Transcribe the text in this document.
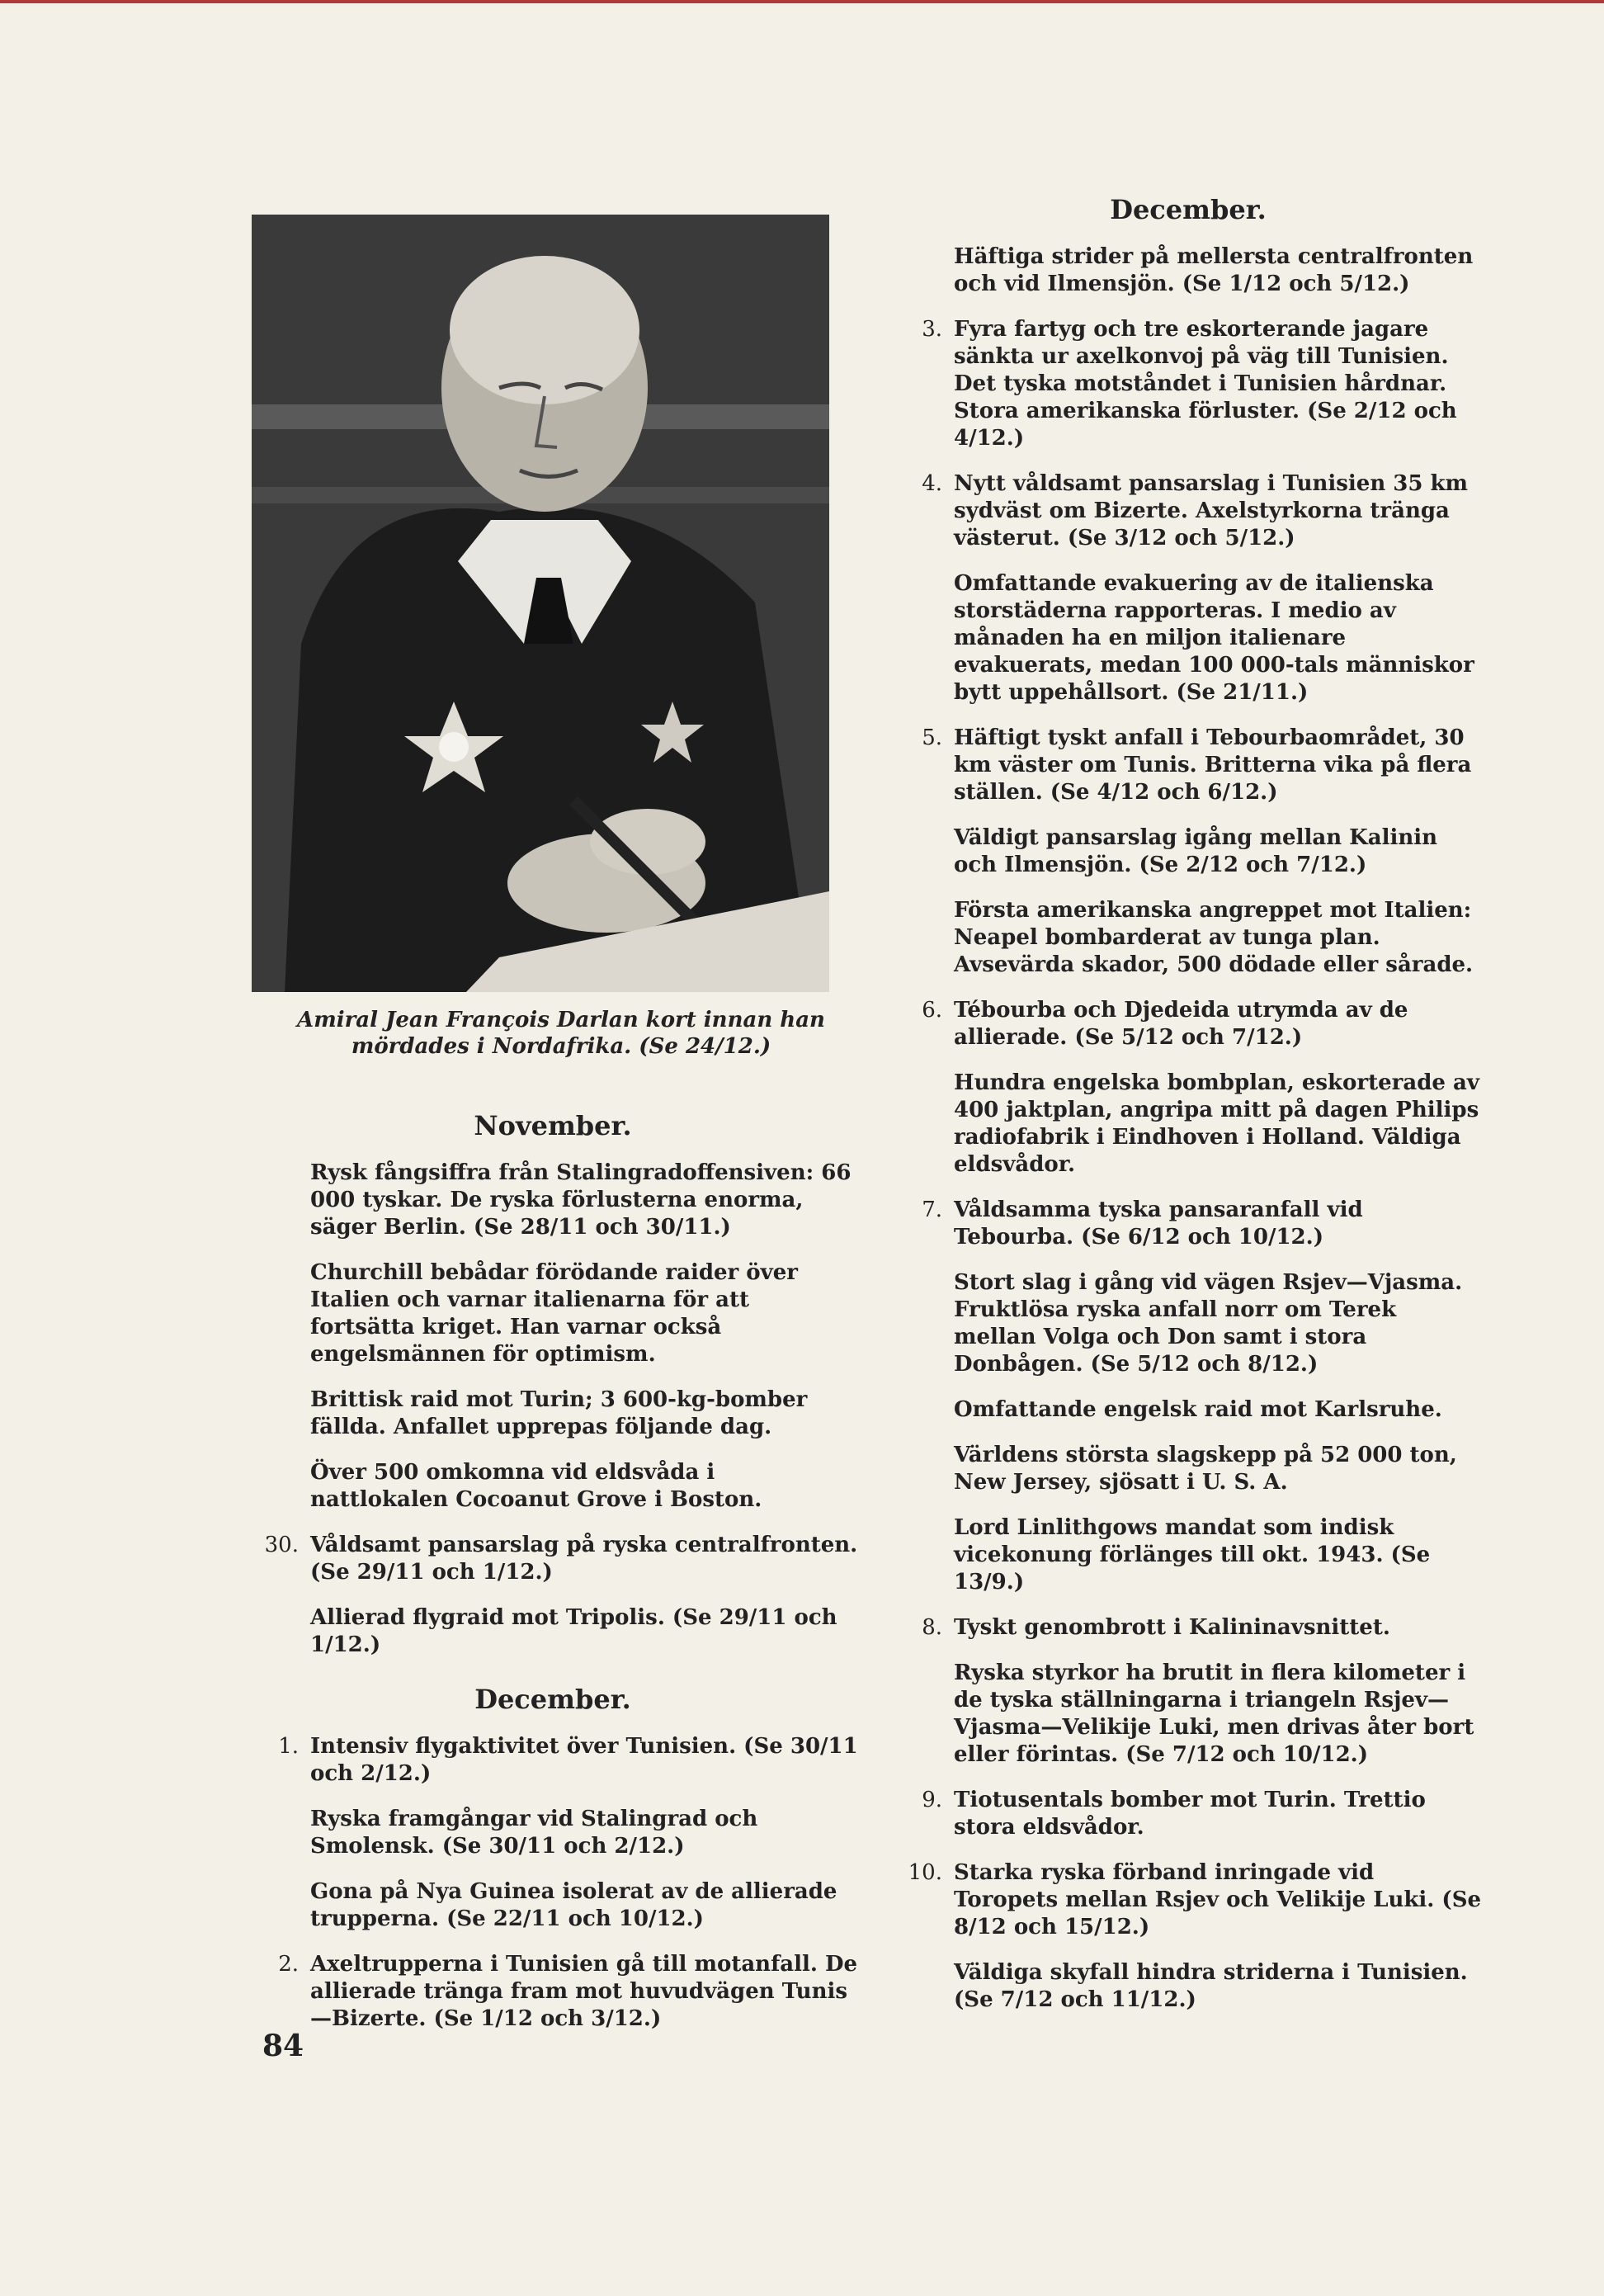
Amiral Jean François Darlan kort innan han mördades i Nordafrika. (Se 24/12.)
November.
Rysk fångsiffra från Stalingradoffensiven: 66 000 tyskar. De ryska förlusterna enorma, säger Berlin. (Se 28/11 och 30/11.)
Churchill bebådar förödande raider över Italien och varnar italienarna för att fortsätta kriget. Han varnar också engelsmännen för optimism.
Brittisk raid mot Turin; 3 600-kg-bomber fällda. Anfallet upprepas följande dag.
Över 500 omkomna vid eldsvåda i nattlokalen Cocoanut Grove i Boston.
30. Våldsamt pansarslag på ryska centralfronten. (Se 29/11 och 1/12.)
Allierad flygraid mot Tripolis. (Se 29/11 och 1/12.)
December.
1. Intensiv flygaktivitet över Tunisien. (Se 30/11 och 2/12.)
Ryska framgångar vid Stalingrad och Smolensk. (Se 30/11 och 2/12.)
Gona på Nya Guinea isolerat av de allierade trupperna. (Se 22/11 och 10/12.)
2. Axeltrupperna i Tunisien gå till motanfall. De allierade tränga fram mot huvudvägen Tunis—Bizerte. (Se 1/12 och 3/12.)
December.
Häftiga strider på mellersta centralfronten och vid Ilmensjön. (Se 1/12 och 5/12.)
3. Fyra fartyg och tre eskorterande jagare sänkta ur axelkonvoj på väg till Tunisien. Det tyska motståndet i Tunisien hårdnar. Stora amerikanska förluster. (Se 2/12 och 4/12.)
4. Nytt våldsamt pansarslag i Tunisien 35 km sydväst om Bizerte. Axelstyrkorna tränga västerut. (Se 3/12 och 5/12.)
Omfattande evakuering av de italienska storstäderna rapporteras. I medio av månaden ha en miljon italienare evakuerats, medan 100 000-tals människor bytt uppehållsort. (Se 21/11.)
5. Häftigt tyskt anfall i Tebourbaområdet, 30 km väster om Tunis. Britterna vika på flera ställen. (Se 4/12 och 6/12.)
Väldigt pansarslag igång mellan Kalinin och Ilmensjön. (Se 2/12 och 7/12.)
Första amerikanska angreppet mot Italien: Neapel bombarderat av tunga plan. Avsevärda skador, 500 dödade eller sårade.
6. Tébourba och Djedeida utrymda av de allierade. (Se 5/12 och 7/12.)
Hundra engelska bombplan, eskorterade av 400 jaktplan, angripa mitt på dagen Philips radiofabrik i Eindhoven i Holland. Väldiga eldsvådor.
7. Våldsamma tyska pansaranfall vid Tebourba. (Se 6/12 och 10/12.)
Stort slag i gång vid vägen Rsjev—Vjasma. Fruktlösa ryska anfall norr om Terek mellan Volga och Don samt i stora Donbågen. (Se 5/12 och 8/12.)
Omfattande engelsk raid mot Karlsruhe.
Världens största slagskepp på 52 000 ton, New Jersey, sjösatt i U. S. A.
Lord Linlithgows mandat som indisk vicekonung förlänges till okt. 1943. (Se 13/9.)
8. Tyskt genombrott i Kalininavsnittet.
Ryska styrkor ha brutit in flera kilometer i de tyska ställningarna i triangeln Rsjev—Vjasma—Velikije Luki, men drivas åter bort eller förintas. (Se 7/12 och 10/12.)
9. Tiotusentals bomber mot Turin. Trettio stora eldsvådor.
10. Starka ryska förband inringade vid Toropets mellan Rsjev och Velikije Luki. (Se 8/12 och 15/12.)
Väldiga skyfall hindra striderna i Tunisien. (Se 7/12 och 11/12.)
84
